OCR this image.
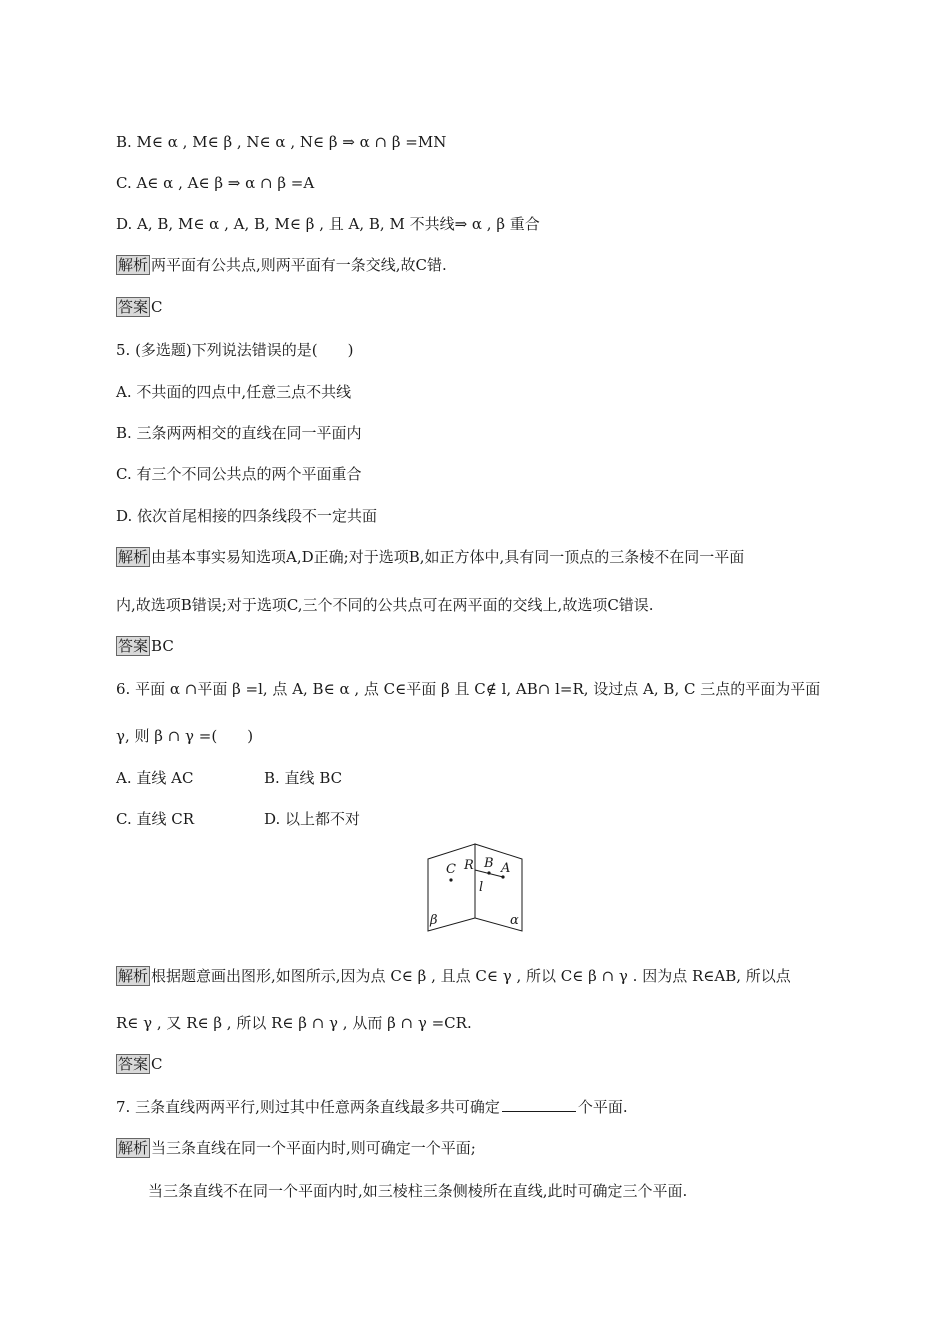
B. M∈ α , M∈ β , N∈ α , N∈ β ⇒ α ∩ β =MN
C. A∈ α , A∈ β ⇒ α ∩ β =A
D. A, B, M∈ α , A, B, M∈ β , 且 A, B, M 不共线⇒ α , β 重合
解析 两平面有公共点,则两平面有一条交线,故C错.
答案 C
5. (多选题)下列说法错误的是(　　)
A. 不共面的四点中,任意三点不共线
B. 三条两两相交的直线在同一平面内
C. 有三个不同公共点的两个平面重合
D. 依次首尾相接的四条线段不一定共面
解析 由基本事实易知选项A,D正确;对于选项B,如正方体中,具有同一顶点的三条棱不在同一平面
内,故选项B错误;对于选项C,三个不同的公共点可在两平面的交线上,故选项C错误.
答案 BC
6. 平面 α ∩平面 β =l, 点 A, B∈ α , 点 C∈平面 β 且 C∉ l, AB∩ l=R, 设过点 A, B, C 三点的平面为平面
γ, 则 β ∩ γ =(　　)
A. 直线 AC	B. 直线 BC
C. 直线 CR	D. 以上都不对
C R B A
l
β	α
解析 根据题意画出图形,如图所示,因为点 C∈ β , 且点 C∈ γ , 所以 C∈ β ∩ γ . 因为点 R∈AB, 所以点
R∈ γ , 又 R∈ β , 所以 R∈ β ∩ γ , 从而 β ∩ γ =CR.
答案 C
7. 三条直线两两平行,则过其中任意两条直线最多共可确定	个平面.
解析 当三条直线在同一个平面内时,则可确定一个平面;
当三条直线不在同一个平面内时,如三棱柱三条侧棱所在直线,此时可确定三个平面.
